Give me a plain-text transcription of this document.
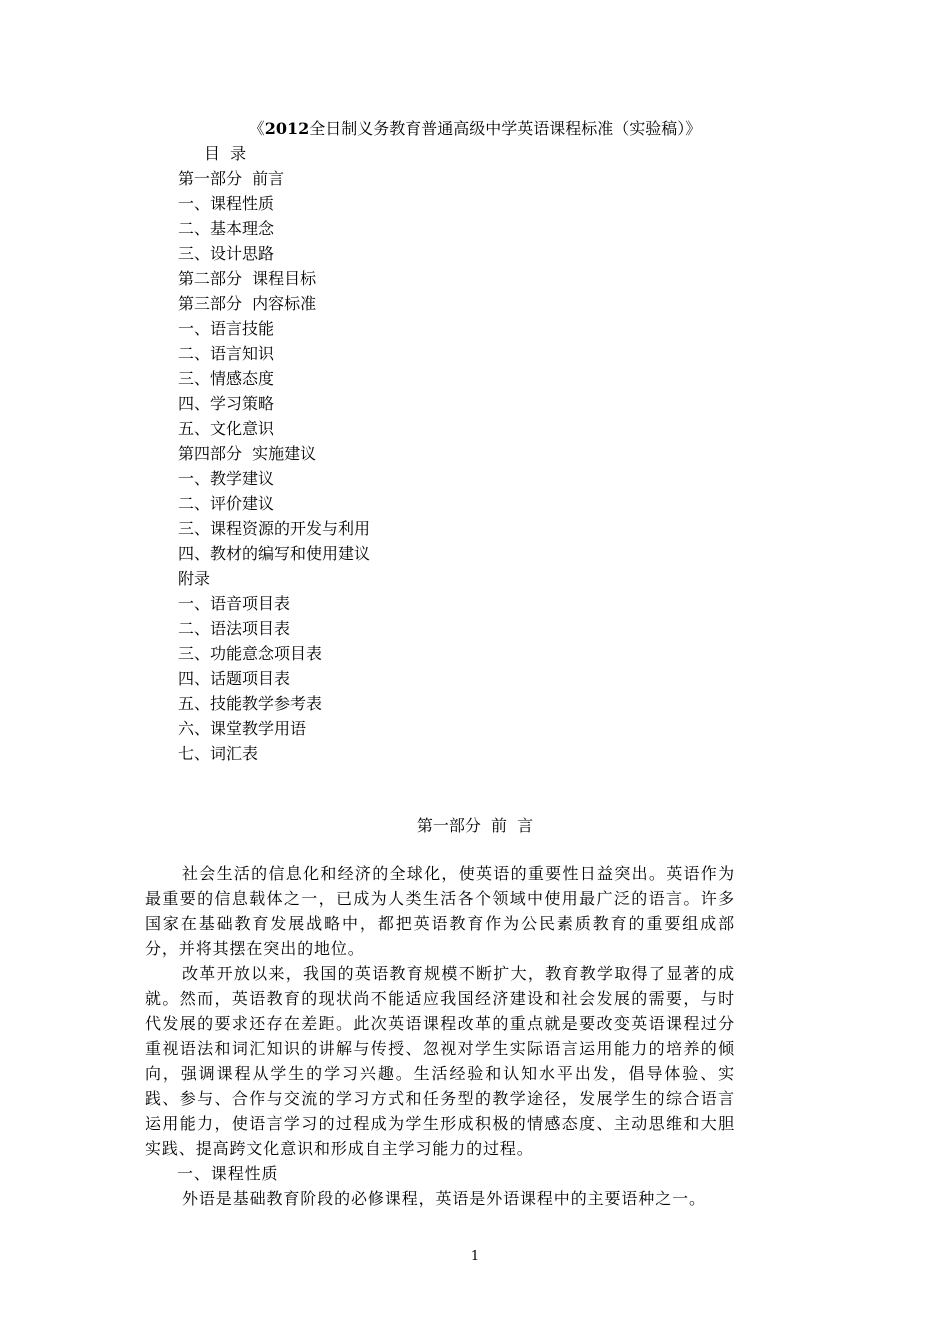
《2012全日制义务教育普通高级中学英语课程标准（实验稿）》
目  录
第一部分  前言
一、课程性质
二、基本理念
三、设计思路
第二部分  课程目标
第三部分  内容标准
一、语言技能
二、语言知识
三、情感态度
四、学习策略
五、文化意识
第四部分  实施建议
一、教学建议
二、评价建议
三、课程资源的开发与利用
四、教材的编写和使用建议
附录
一、语音项目表
二、语法项目表
三、功能意念项目表
四、话题项目表
五、技能教学参考表
六、课堂教学用语
七、词汇表
第一部分  前  言

社会生活的信息化和经济的全球化，使英语的重要性日益突出。英语作为最重要的信息载体之一，已成为人类生活各个领域中使用最广泛的语言。许多国家在基础教育发展战略中，都把英语教育作为公民素质教育的重要组成部分，并将其摆在突出的地位。

改革开放以来，我国的英语教育规模不断扩大，教育教学取得了显著的成就。然而，英语教育的现状尚不能适应我国经济建设和社会发展的需要，与时代发展的要求还存在差距。此次英语课程改革的重点就是要改变英语课程过分重视语法和词汇知识的讲解与传授、忽视对学生实际语言运用能力的培养的倾向，强调课程从学生的学习兴趣。生活经验和认知水平出发，倡导体验、实践、参与、合作与交流的学习方式和任务型的教学途径，发展学生的综合语言运用能力，使语言学习的过程成为学生形成积极的情感态度、主动思维和大胆实践、提高跨文化意识和形成自主学习能力的过程。

一、课程性质

外语是基础教育阶段的必修课程，英语是外语课程中的主要语种之一。

1
